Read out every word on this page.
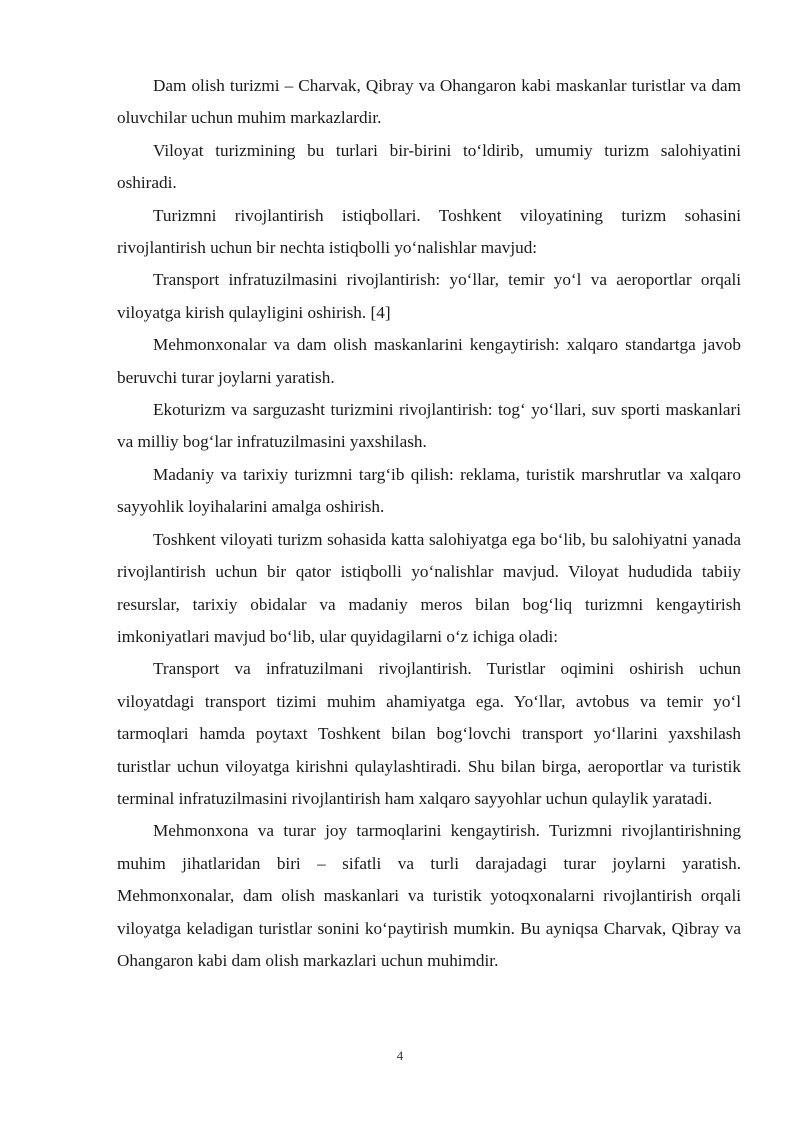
Dam olish turizmi – Charvak, Qibray va Ohangaron kabi maskanlar turistlar va dam oluvchilar uchun muhim markazlardir.

Viloyat turizmining bu turlari bir-birini to‘ldirib, umumiy turizm salohiyatini oshiradi.

Turizmni rivojlantirish istiqbollari. Toshkent viloyatining turizm sohasini rivojlantirish uchun bir nechta istiqbolli yo‘nalishlar mavjud:

Transport infratuzilmasini rivojlantirish: yo‘llar, temir yo‘l va aeroportlar orqali viloyatga kirish qulayligini oshirish. [4]

Mehmonxonalar va dam olish maskanlarini kengaytirish: xalqaro standartga javob beruvchi turar joylarni yaratish.

Ekoturizm va sarguzasht turizmini rivojlantirish: tog‘ yo‘llari, suv sporti maskanlari va milliy bog‘lar infratuzilmasini yaxshilash.

Madaniy va tarixiy turizmni targ‘ib qilish: reklama, turistik marshrutlar va xalqaro sayyohlik loyihalarini amalga oshirish.

Toshkent viloyati turizm sohasida katta salohiyatga ega bo‘lib, bu salohiyatni yanada rivojlantirish uchun bir qator istiqbolli yo‘nalishlar mavjud. Viloyat hududida tabiiy resurslar, tarixiy obidalar va madaniy meros bilan bog‘liq turizmni kengaytirish imkoniyatlari mavjud bo‘lib, ular quyidagilarni o‘z ichiga oladi:

Transport va infratuzilmani rivojlantirish. Turistlar oqimini oshirish uchun viloyatdagi transport tizimi muhim ahamiyatga ega. Yo‘llar, avtobus va temir yo‘l tarmoqlari hamda poytaxt Toshkent bilan bog‘lovchi transport yo‘llarini yaxshilash turistlar uchun viloyatga kirishni qulaylashtiradi. Shu bilan birga, aeroportlar va turistik terminal infratuzilmasini rivojlantirish ham xalqaro sayyohlar uchun qulaylik yaratadi.

Mehmonxona va turar joy tarmoqlarini kengaytirish. Turizmni rivojlantirishning muhim jihatlaridan biri – sifatli va turli darajadagi turar joylarni yaratish. Mehmonxonalar, dam olish maskanlari va turistik yotoqxonalarni rivojlantirish orqali viloyatga keladigan turistlar sonini ko‘paytirish mumkin. Bu ayniqsa Charvak, Qibray va Ohangaron kabi dam olish markazlari uchun muhimdir.

4
